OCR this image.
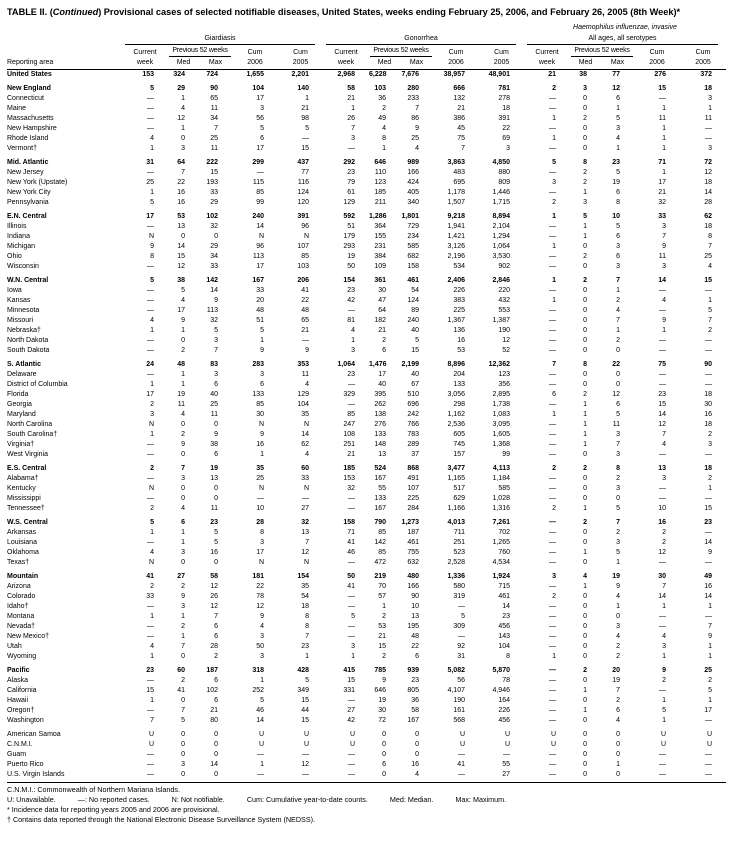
TABLE II. (Continued) Provisional cases of selected notifiable diseases, United States, weeks ending February 25, 2006, and February 26, 2005 (8th Week)*
											Haemophilus influenzae, invasive				

	Giardiasis					Gonorrhea					All ages, all serotypes				

	Current	Previous 52 weeks		Cum	Cum	Current	Previous 52 weeks		Cum	Cum	Current	Previous 52 weeks		Cum	Cum
Reporting area	week	Med	Max	2006	2005	week	Med	Max	2006	2005	week	Med	Max	2006	2005
United States	153	324	724	1,655	2,201	2,968	6,228	7,676	38,957	48,901	21	38	77	276	372
New England	5	29	90	104	140	58	103	280	666	781	2	3	12	15	18
Connecticut	—	1	65	17	1	21	36	233	132	278	—	0	6	—	3
Maine	—	4	11	3	21	1	2	7	21	18	—	0	1	1	1
Massachusetts	—	12	34	56	98	26	49	86	386	391	1	2	5	11	11
New Hampshire	—	1	7	5	5	7	4	9	45	22	—	0	3	1	—
Rhode Island	4	0	25	6	—	3	8	25	75	69	1	0	4	1	—
Vermont†	1	3	11	17	15	—	1	4	7	3	—	0	1	1	3
Mid. Atlantic	31	64	222	299	437	292	646	989	3,863	4,850	5	8	23	71	72
New Jersey	—	7	15	—	77	23	110	166	483	880	—	2	5	1	12
New York (Upstate)	25	22	193	115	116	79	123	424	695	809	3	2	19	17	18
New York City	1	16	33	85	124	61	185	405	1,178	1,446	—	1	6	21	14
Pennsylvania	5	16	29	99	120	129	211	340	1,507	1,715	2	3	8	32	28
E.N. Central	17	53	102	240	391	592	1,286	1,801	9,218	8,894	1	5	10	33	62
Illinois	—	13	32	14	96	51	364	729	1,941	2,104	—	1	5	3	18
Indiana	N	0	0	N	N	179	155	234	1,421	1,294	—	1	6	7	8
Michigan	9	14	29	96	107	293	231	585	3,126	1,064	1	0	3	9	7
Ohio	8	15	34	113	85	19	384	682	2,196	3,530	—	2	6	11	25
Wisconsin	—	12	33	17	103	50	109	158	534	902	—	0	3	3	4
W.N. Central	5	38	142	167	206	154	361	461	2,406	2,846	1	2	7	14	15
Iowa	—	5	14	33	41	23	30	54	226	220	—	0	1	—	—
Kansas	—	4	9	20	22	42	47	124	383	432	1	0	2	4	1
Minnesota	—	17	113	48	48	—	64	89	225	553	—	0	4	—	5
Missouri	4	9	32	51	65	81	182	240	1,367	1,387	—	0	7	9	7
Nebraska†	1	1	5	5	21	4	21	40	136	190	—	0	1	1	2
North Dakota	—	0	3	1	—	1	2	5	16	12	—	0	2	—	—
South Dakota	—	2	7	9	9	3	6	15	53	52	—	0	0	—	—
S. Atlantic	24	48	83	283	353	1,064	1,476	2,199	8,896	12,362	7	8	22	75	90
Delaware	—	1	3	3	11	23	17	40	204	123	—	0	0	—	—
District of Columbia	1	1	6	6	4	—	40	67	133	356	—	0	0	—	—
Florida	17	19	40	133	129	329	395	510	3,056	2,895	6	2	12	23	18
Georgia	2	11	25	85	104	—	262	696	298	1,738	—	1	6	15	30
Maryland	3	4	11	30	35	85	138	242	1,162	1,083	1	1	5	14	16
North Carolina	N	0	0	N	N	247	276	766	2,536	3,095	—	1	11	12	18
South Carolina†	1	2	9	9	14	108	133	783	605	1,605	—	1	3	7	2
Virginia†	—	9	38	16	62	251	148	289	745	1,368	—	1	7	4	3
West Virginia	—	0	6	1	4	21	13	37	157	99	—	0	3	—	—
E.S. Central	2	7	19	35	60	185	524	868	3,477	4,113	2	2	8	13	18
Alabama†	—	3	13	25	33	153	167	491	1,165	1,184	—	0	2	3	2
Kentucky	N	0	0	N	N	32	55	107	517	585	—	0	3	—	1
Mississippi	—	0	0	—	—	—	133	225	629	1,028	—	0	0	—	—
Tennessee†	2	4	11	10	27	—	167	284	1,166	1,316	2	1	5	10	15
W.S. Central	5	6	23	28	32	158	790	1,273	4,013	7,261	—	2	7	16	23
Arkansas	1	1	5	8	13	71	85	187	711	702	—	0	2	2	—
Louisiana	—	1	5	3	7	41	142	461	251	1,265	—	0	3	2	14
Oklahoma	4	3	16	17	12	46	85	755	523	760	—	1	5	12	9
Texas†	N	0	0	N	N	—	472	632	2,528	4,534	—	0	1	—	—
Mountain	41	27	58	181	154	50	219	480	1,336	1,924	3	4	19	30	49
Arizona	2	2	12	22	35	41	70	166	580	715	—	1	9	7	16
Colorado	33	9	26	78	54	—	57	90	319	461	2	0	4	14	14
Idaho†	—	3	12	12	18	—	1	10	—	14	—	0	1	1	1
Montana	1	1	7	9	8	5	2	13	5	23	—	0	0	—	—
Nevada†	—	2	6	4	8	—	53	195	309	456	—	0	3	—	7
New Mexico†	—	1	6	3	7	—	21	48	—	143	—	0	4	4	9
Utah	4	7	28	50	23	3	15	22	92	104	—	0	2	3	1
Wyoming	1	0	2	3	1	1	2	6	31	8	1	0	2	1	1
Pacific	23	60	187	318	428	415	785	939	5,082	5,870	—	2	20	9	25
Alaska	—	2	6	1	5	15	9	23	56	78	—	0	19	2	2
California	15	41	102	252	349	331	646	805	4,107	4,946	—	1	7	—	5
Hawaii	1	0	6	5	15	—	19	36	190	164	—	0	2	1	1
Oregon†	—	7	21	46	44	27	30	58	161	226	—	1	6	5	17
Washington	7	5	80	14	15	42	72	167	568	456	—	0	4	1	—
American Samoa	U	0	0	U	U	U	0	0	U	U	U	0	0	U	U
C.N.M.I.	U	0	0	U	U	U	0	0	U	U	U	0	0	U	U
Guam	—	0	0	—	—	—	0	0	—	—	—	0	0	—	—
Puerto Rico	—	3	14	1	12	—	6	16	41	55	—	0	1	—	—
U.S. Virgin Islands	—	0	0	—	—	—	0	4	—	27	—	0	0	—	—
C.N.M.I.: Commonwealth of Northern Mariana Islands.
U: Unavailable.	—: No reported cases.	N: Not notifiable.	Cum: Cumulative year-to-date counts.	Med: Median.	Max: Maximum.
* Incidence data for reporting years 2005 and 2006 are provisional.
† Contains data reported through the National Electronic Disease Surveillance System (NEDSS).
